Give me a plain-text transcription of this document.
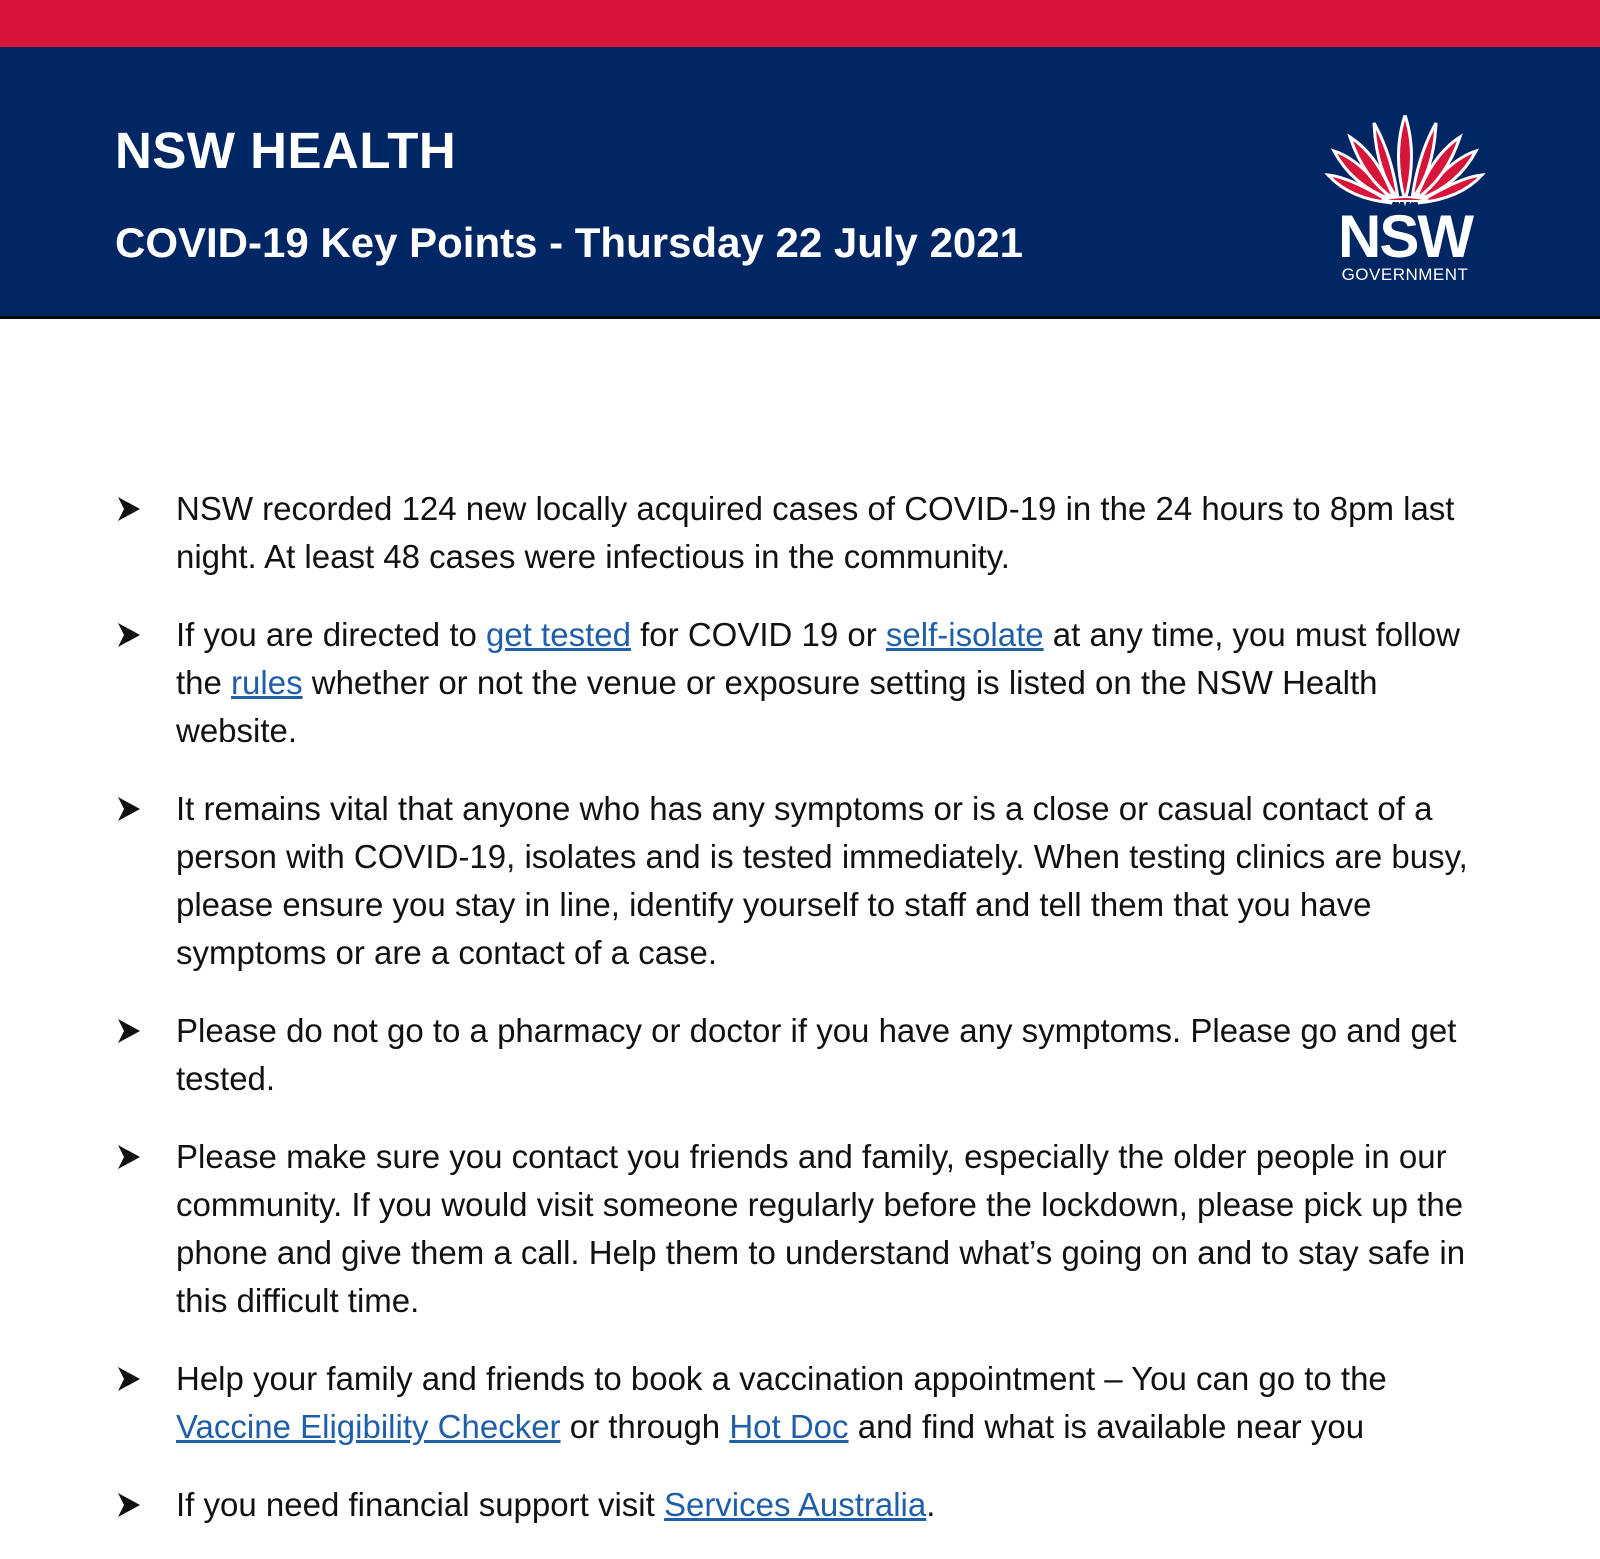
NSW HEALTH
COVID-19 Key Points - Thursday 22 July 2021	NSW
GOVERNMENT
NSW recorded 124 new locally acquired cases of COVID-19 in the 24 hours to 8pm last night. At least 48 cases were infectious in the community.
If you are directed to get tested for COVID 19 or self-isolate at any time, you must follow the rules whether or not the venue or exposure setting is listed on the NSW Health website.
It remains vital that anyone who has any symptoms or is a close or casual contact of a person with COVID-19, isolates and is tested immediately. When testing clinics are busy, please ensure you stay in line, identify yourself to staff and tell them that you have symptoms or are a contact of a case.
Please do not go to a pharmacy or doctor if you have any symptoms. Please go and get tested.
Please make sure you contact you friends and family, especially the older people in our community. If you would visit someone regularly before the lockdown, please pick up the phone and give them a call. Help them to understand what’s going on and to stay safe in this difficult time.
Help your family and friends to book a vaccination appointment – You can go to the Vaccine Eligibility Checker or through Hot Doc and find what is available near you
If you need financial support visit Services Australia.
